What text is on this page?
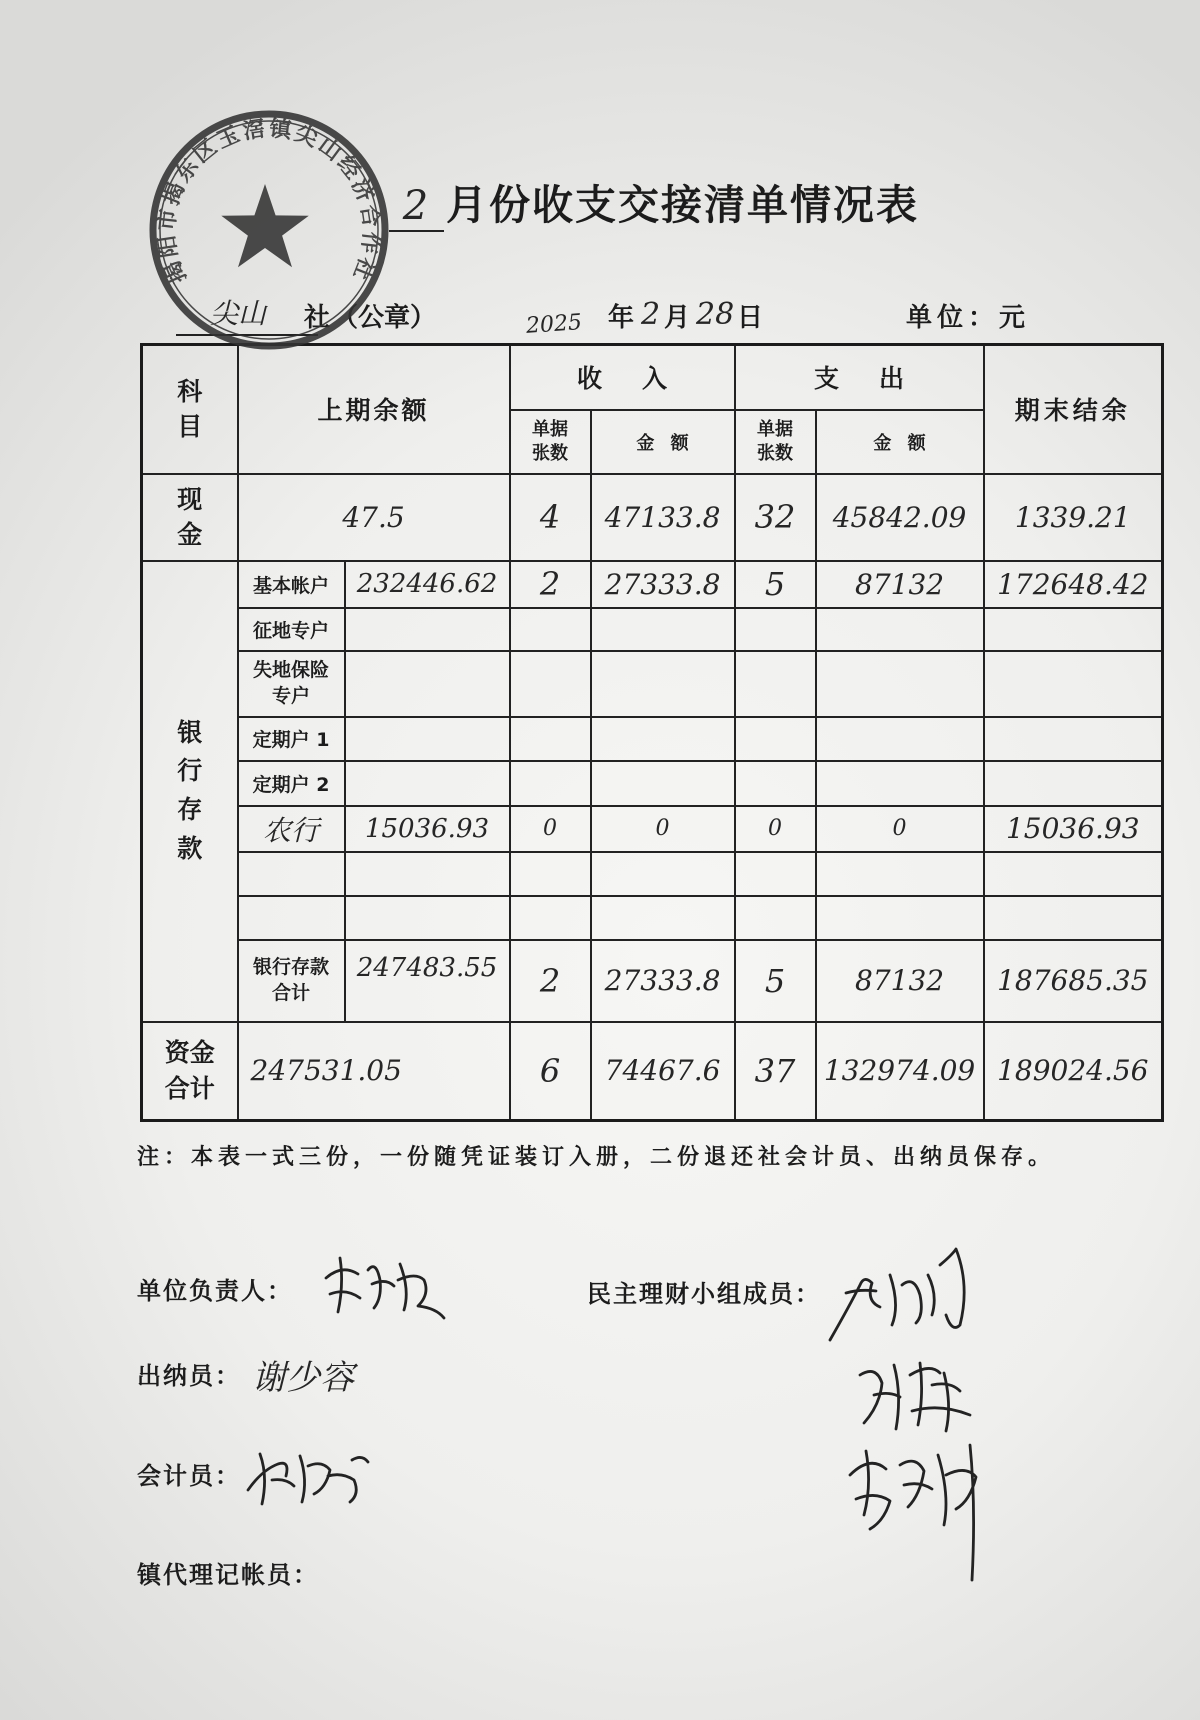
2 月份收支交接清单情况表
尖山 社 （公章）	2025 年 2 月 28 日	单位：元
科目	上期余额		收入		支出		期末结余
			单据张数	金额	单据张数	金额	
现金	47.5		4	47133.8	32	45842.09	1339.21
银行存款	基本帐户	232446.62	2	27333.8	5	87132	172648.42
	征地专户						
	失地保险专户						
	定期户 1						
	定期户 2						
	农行	15036.93	0	0	0	0	15036.93

	银行存款合计	247483.55	2	27333.8	5	87132	187685.35
资金合计	247531.05		6	74467.6	37	132974.09	189024.56
注：本表一式三份，一份随凭证装订入册，二份退还社会计员、出纳员保存。
单位负责人：	民主理财小组成员：
出纳员： 谢少容
会计员：
镇代理记帐员：
揭阳市揭东区玉滘镇尖山经济合作社
